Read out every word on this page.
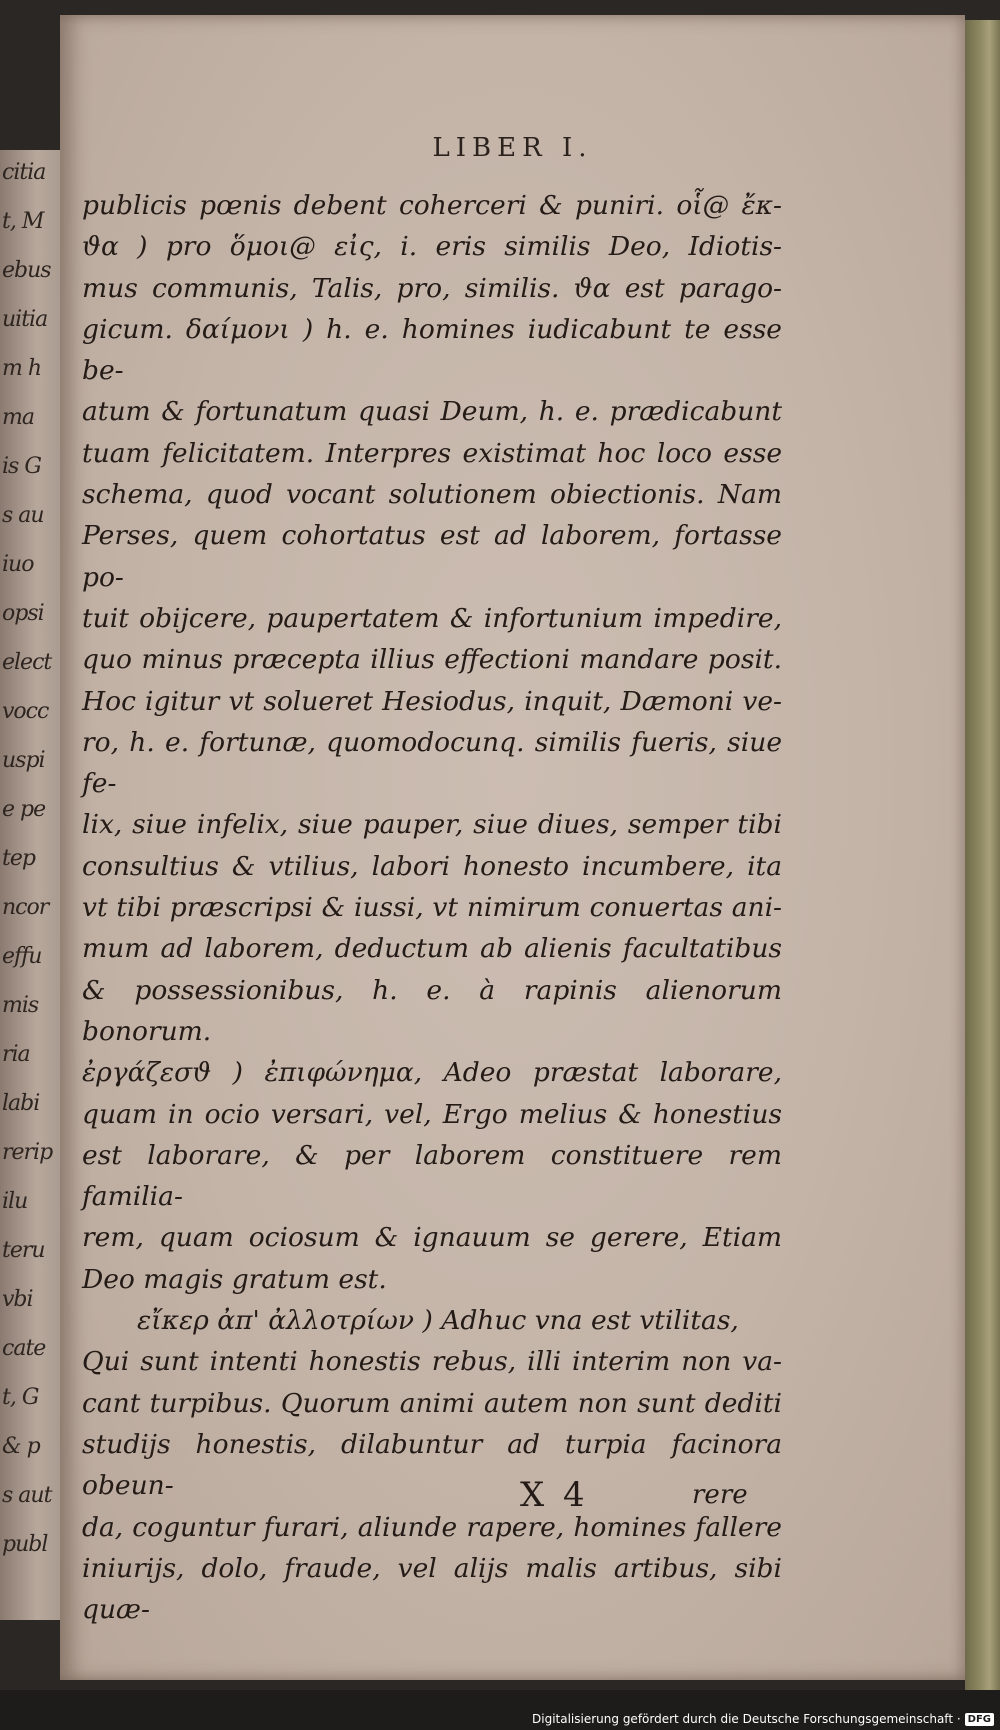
citia
t, M
ebus
uitia
m h
ma
is G
s au
iuo
opsi
elect
vocc
uspi
e pe
tep
ncor
effu
mis
ria
labi
rerip
ilu
teru
vbi
cate
t, G
& p
s aut
publ
LIBER I.
publicis pœnis debent coherceri & puniri. οἷ@ ἔκ-
ϑα ) pro ὅμοι@ εἰς, i. eris similis Deo, Idiotis-
mus communis, Talis, pro, similis. ϑα est parago-
gicum. δαίμονι ) h. e. homines iudicabunt te esse be-
atum & fortunatum quasi Deum, h. e. prædicabunt
tuam felicitatem. Interpres existimat hoc loco esse
schema, quod vocant solutionem obiectionis. Nam
Perses, quem cohortatus est ad laborem, fortasse po-
tuit obijcere, paupertatem & infortunium impedire,
quo minus præcepta illius effectioni mandare posit.
Hoc igitur vt solueret Hesiodus, inquit, Dæmoni ve-
ro, h. e. fortunæ, quomodocunq. similis fueris, siue fe-
lix, siue infelix, siue pauper, siue diues, semper tibi
consultius & vtilius, labori honesto incumbere, ita
vt tibi præscripsi & iussi, vt nimirum conuertas ani-
mum ad laborem, deductum ab alienis facultatibus
& possessionibus, h. e. à rapinis alienorum bonorum.
ἐργάζεσϑ ) ἐπιφώνημα, Adeo præstat laborare,
quam in ocio versari, vel, Ergo melius & honestius
est laborare, & per laborem constituere rem familia-
rem, quam ociosum & ignauum se gerere, Etiam
Deo magis gratum est.
εἴκερ ἀπ' ἀλλοτρίων ) Adhuc vna est vtilitas,
Qui sunt intenti honestis rebus, illi interim non va-
cant turpibus. Quorum animi autem non sunt dediti
studijs honestis, dilabuntur ad turpia facinora obeun-
da, coguntur furari, aliunde rapere, homines fallere
iniurijs, dolo, fraude, vel alijs malis artibus, sibi quæ-
X 4	rere
Digitalisierung gefördert durch die Deutsche Forschungsgemeinschaft · DFG
